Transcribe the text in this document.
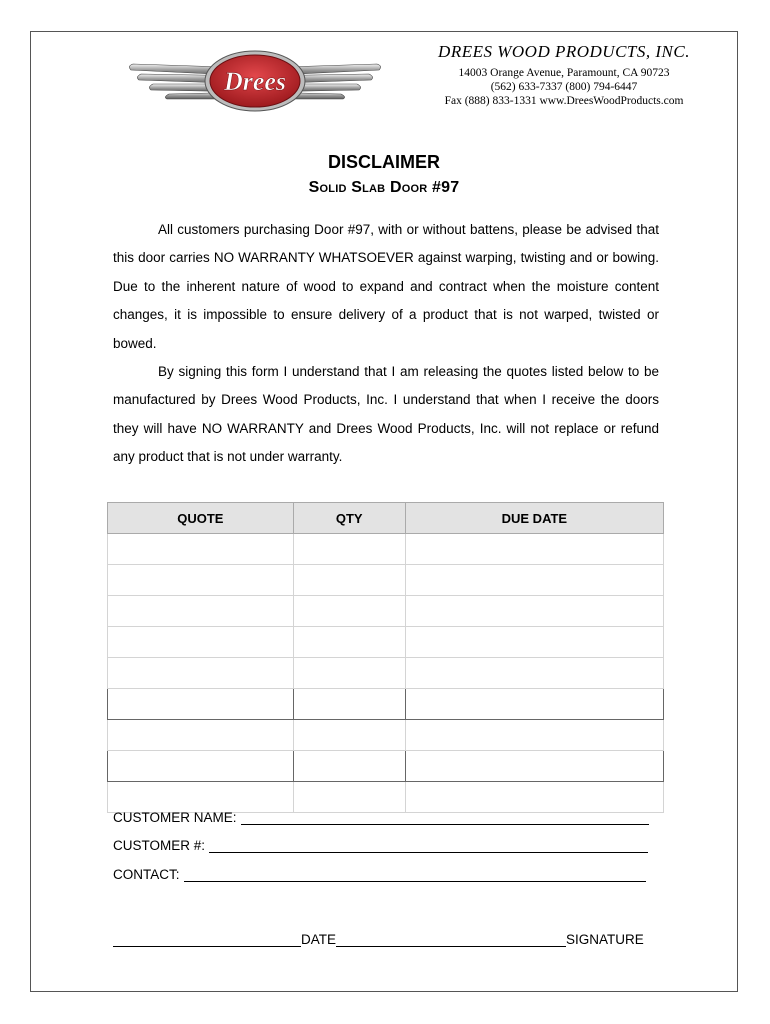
Drees
DREES WOOD PRODUCTS, INC.
14003 Orange Avenue, Paramount, CA 90723
(562) 633-7337 (800) 794-6447
Fax (888) 833-1331 www.DreesWoodProducts.com
DISCLAIMER
Solid Slab Door #97

All customers purchasing Door #97, with or without battens, please be advised that this door carries NO WARRANTY WHATSOEVER against warping, twisting and or bowing. Due to the inherent nature of wood to expand and contract when the moisture content changes, it is impossible to ensure delivery of a product that is not warped, twisted or bowed.

By signing this form I understand that I am releasing the quotes listed below to be manufactured by Drees Wood Products, Inc. I understand that when I receive the doors they will have NO WARRANTY and Drees Wood Products, Inc. will not replace or refund any product that is not under warranty.

QUOTE	QTY	DUE DATE

CUSTOMER NAME:
CUSTOMER #:
CONTACT:
DATE	SIGNATURE
